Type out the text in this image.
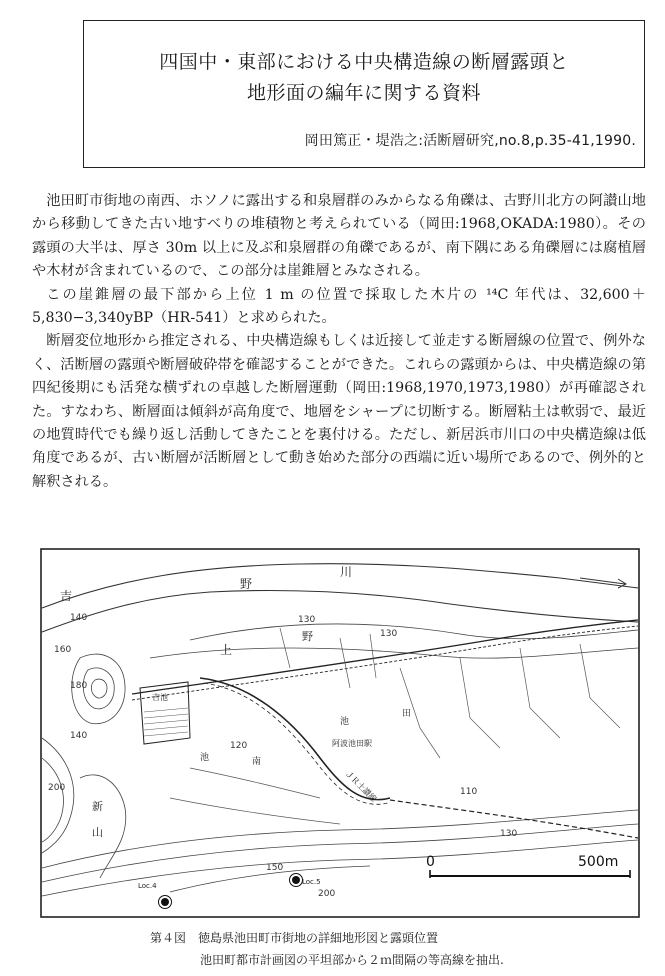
四国中・東部における中央構造線の断層露頭と
地形面の編年に関する資料
岡田篤正・堤浩之:活断層研究,no.8,p.35-41,1990.

池田町市街地の南西、ホソノに露出する和泉層群のみからなる角礫は、古野川北方の阿讃山地から移動してきた古い地すべりの堆積物と考えられている（岡田:1968,OKADA:1980）。その露頭の大半は、厚さ 30m 以上に及ぶ和泉層群の角礫であるが、南下隅にある角礫層には腐植層や木材が含まれているので、この部分は崖錐層とみなされる。

この崖錐層の最下部から上位 1 m の位置で採取した木片の ¹⁴C 年代は、32,600＋5,830−3,340yBP（HR-541）と求められた。

断層変位地形から推定される、中央構造線もしくは近接して並走する断層線の位置で、例外なく、活断層の露頭や断層破砕帯を確認することができた。これらの露頭からは、中央構造線の第四紀後期にも活発な横ずれの卓越した断層運動（岡田:1968,1970,1973,1980）が再確認された。すなわち、断層面は傾斜が高角度で、地層をシャープに切断する。断層粘土は軟弱で、最近の地質時代でも繰り返し活動してきたことを裏付ける。ただし、新居浜市川口の中央構造線は低角度であるが、古い断層が活断層として動き始めた部分の西端に近い場所であるので、例外的と解釈される。

吉
野
川
上
野
池
田
吉池
池	南
新
山
阿波池田駅
ＪＲ土讃線
140	130
130
160
180
140
120
200	110
130
150
200
Loc.4	Loc.5
0	500m
第４図　徳島県池田町市街地の詳細地形図と露頭位置
池田町都市計画図の平坦部から２ｍ間隔の等高線を抽出.
